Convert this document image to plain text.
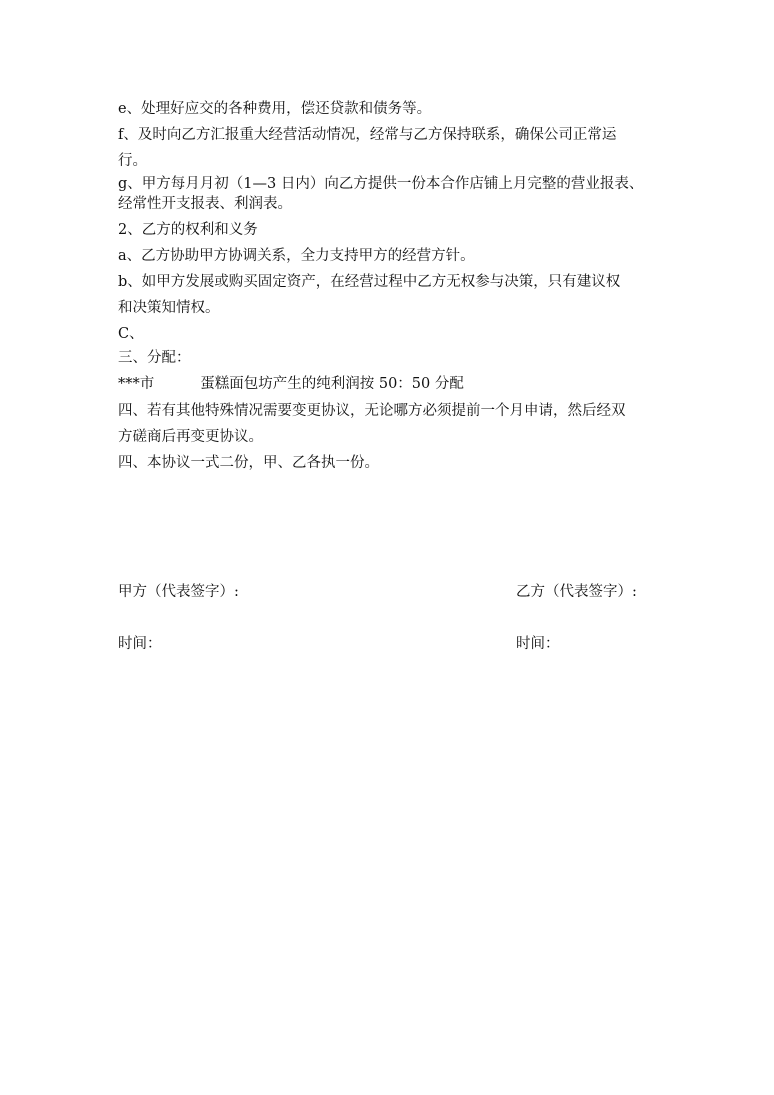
e、处理好应交的各种费用，偿还贷款和债务等。
f、及时向乙方汇报重大经营活动情况，经常与乙方保持联系，确保公司正常运
行。
g、甲方每月月初（1—3 日内）向乙方提供一份本合作店铺上月完整的营业报表、
经常性开支报表、利润表。
2、乙方的权利和义务
a、乙方协助甲方协调关系，全力支持甲方的经营方针。
b、如甲方发展或购买固定资产，在经营过程中乙方无权参与决策，只有建议权
和决策知情权。
C、
三、分配：
***市	蛋糕面包坊产生的纯利润按 50：50 分配
四、若有其他特殊情况需要变更协议，无论哪方必须提前一个月申请，然后经双
方磋商后再变更协议。
四、本协议一式二份，甲、乙各执一份。
甲方（代表签字）:	乙方（代表签字）:
时间：	时间：
